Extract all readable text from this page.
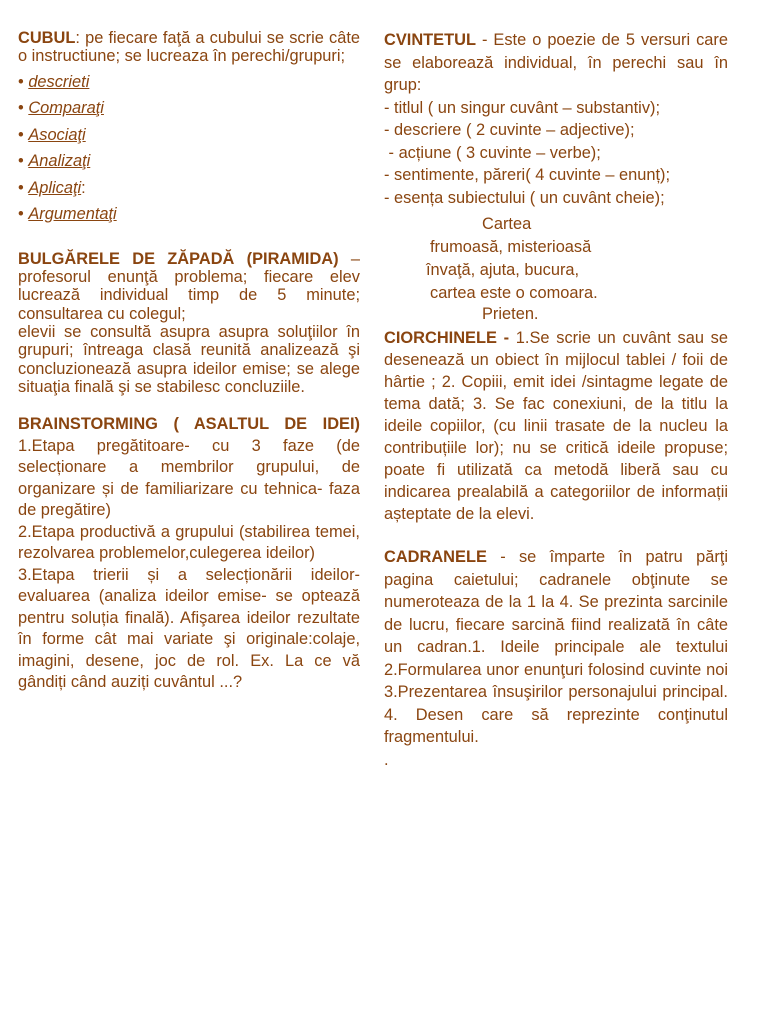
CUBUL: pe fiecare faţă a cubului se scrie câte o instructiune; se lucreaza în perechi/grupuri;

• descrieti

• Comparaţi

• Asociaţi

• Analizaţi

• Aplicaţi:

• Argumentaţi

BULGĂRELE DE ZĂPADĂ (PIRAMIDA) – profesorul enunţă problema; fiecare elev lucrează individual timp de 5 minute; consultarea cu colegul;

elevii se consultă asupra asupra soluţiilor în grupuri; întreaga clasă reunită analizează şi concluzionează asupra ideilor emise; se alege situaţia finală şi se stabilesc concluziile.

BRAINSTORMING ( ASALTUL DE IDEI) 1.Etapa pregătitoare- cu 3 faze (de selecționare a membrilor grupului, de organizare și de familiarizare cu tehnica- faza de pregătire)

2.Etapa productivă a grupului (stabilirea temei, rezolvarea problemelor,culegerea ideilor)

3.Etapa trierii și a selecționării ideilor- evaluarea (analiza ideilor emise- se optează pentru soluția finală). Afişarea ideilor rezultate în forme cât mai variate şi originale:colaje, imagini, desene, joc de rol. Ex. La ce vă gândiți când auziți cuvântul ...?

CVINTETUL - Este o poezie de 5 versuri care se elaborează individual, în perechi sau în grup:

- titlul ( un singur cuvânt – substantiv);

- descriere ( 2 cuvinte – adjective);

- acțiune ( 3 cuvinte – verbe);

- sentimente, păreri( 4 cuvinte – enunț);

- esența subiectului ( un cuvânt cheie);

Cartea
frumoasă, misterioasă
învaţă, ajuta, bucura,
cartea este o comoara.
Prieten.

CIORCHINELE - 1.Se scrie un cuvânt sau se desenează un obiect în mijlocul tablei / foii de hârtie ; 2. Copiii, emit idei /sintagme legate de tema dată; 3. Se fac conexiuni, de la titlu la ideile copiilor, (cu linii trasate de la nucleu la contribuțiile lor); nu se critică ideile propuse; poate fi utilizată ca metodă liberă sau cu indicarea prealabilă a categoriilor de informații așteptate de la elevi.

CADRANELE - se împarte în patru părţi pagina caietului; cadranele obţinute se numeroteaza de la 1 la 4. Se prezinta sarcinile de lucru, fiecare sarcină fiind realizată în câte un cadran.1. Ideile principale ale textului 2.Formularea unor enunţuri folosind cuvinte noi 3.Prezentarea însuşirilor personajului principal. 4. Desen care să reprezinte conţinutul fragmentului.

.
